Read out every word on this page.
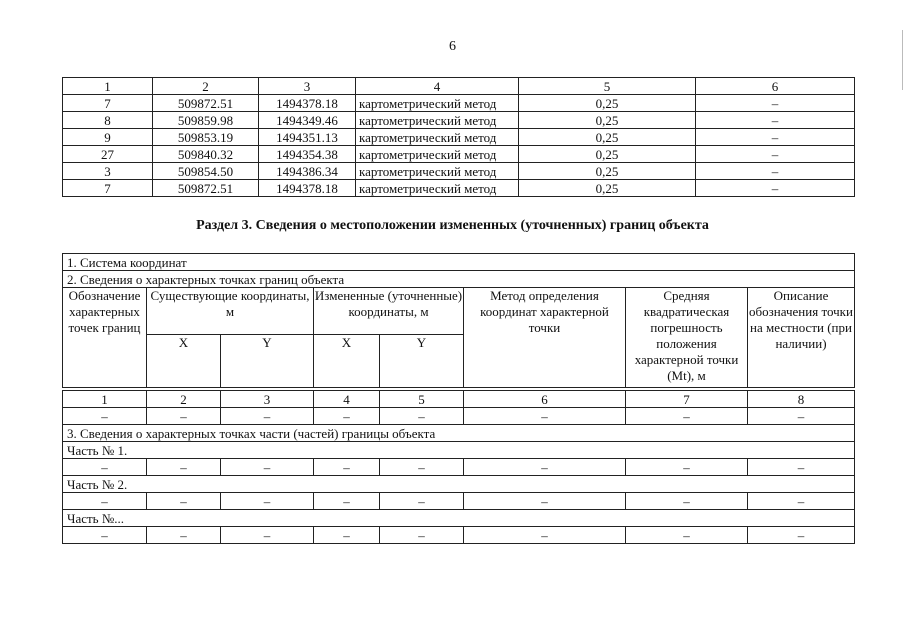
6
1	2	3	4	5	6
7	509872.51	1494378.18	картометрический метод	0,25	–
8	509859.98	1494349.46	картометрический метод	0,25	–
9	509853.19	1494351.13	картометрический метод	0,25	–
27	509840.32	1494354.38	картометрический метод	0,25	–
3	509854.50	1494386.34	картометрический метод	0,25	–
7	509872.51	1494378.18	картометрический метод	0,25	–
Раздел 3. Сведения о местоположении измененных (уточненных) границ объекта
1. Система координат							
2. Сведения о характерных точках границ объекта							
Обозначение характерных точек границ	Существующие координаты, м		Измененные (уточненные) координаты, м		Метод определения координат характерной точки	Средняя квадратическая погрешность положения характерной точки (Mt), м	Описание обозначения точки на местности (при наличии)
	X	Y	X	Y			

1	2	3	4	5	6	7	8
–	–	–	–	–	–	–	–
3. Сведения о характерных точках части (частей) границы объекта							
Часть № 1.							
–	–	–	–	–	–	–	–
Часть № 2.							
–	–	–	–	–	–	–	–
Часть №...							
–	–	–	–	–	–	–	–
